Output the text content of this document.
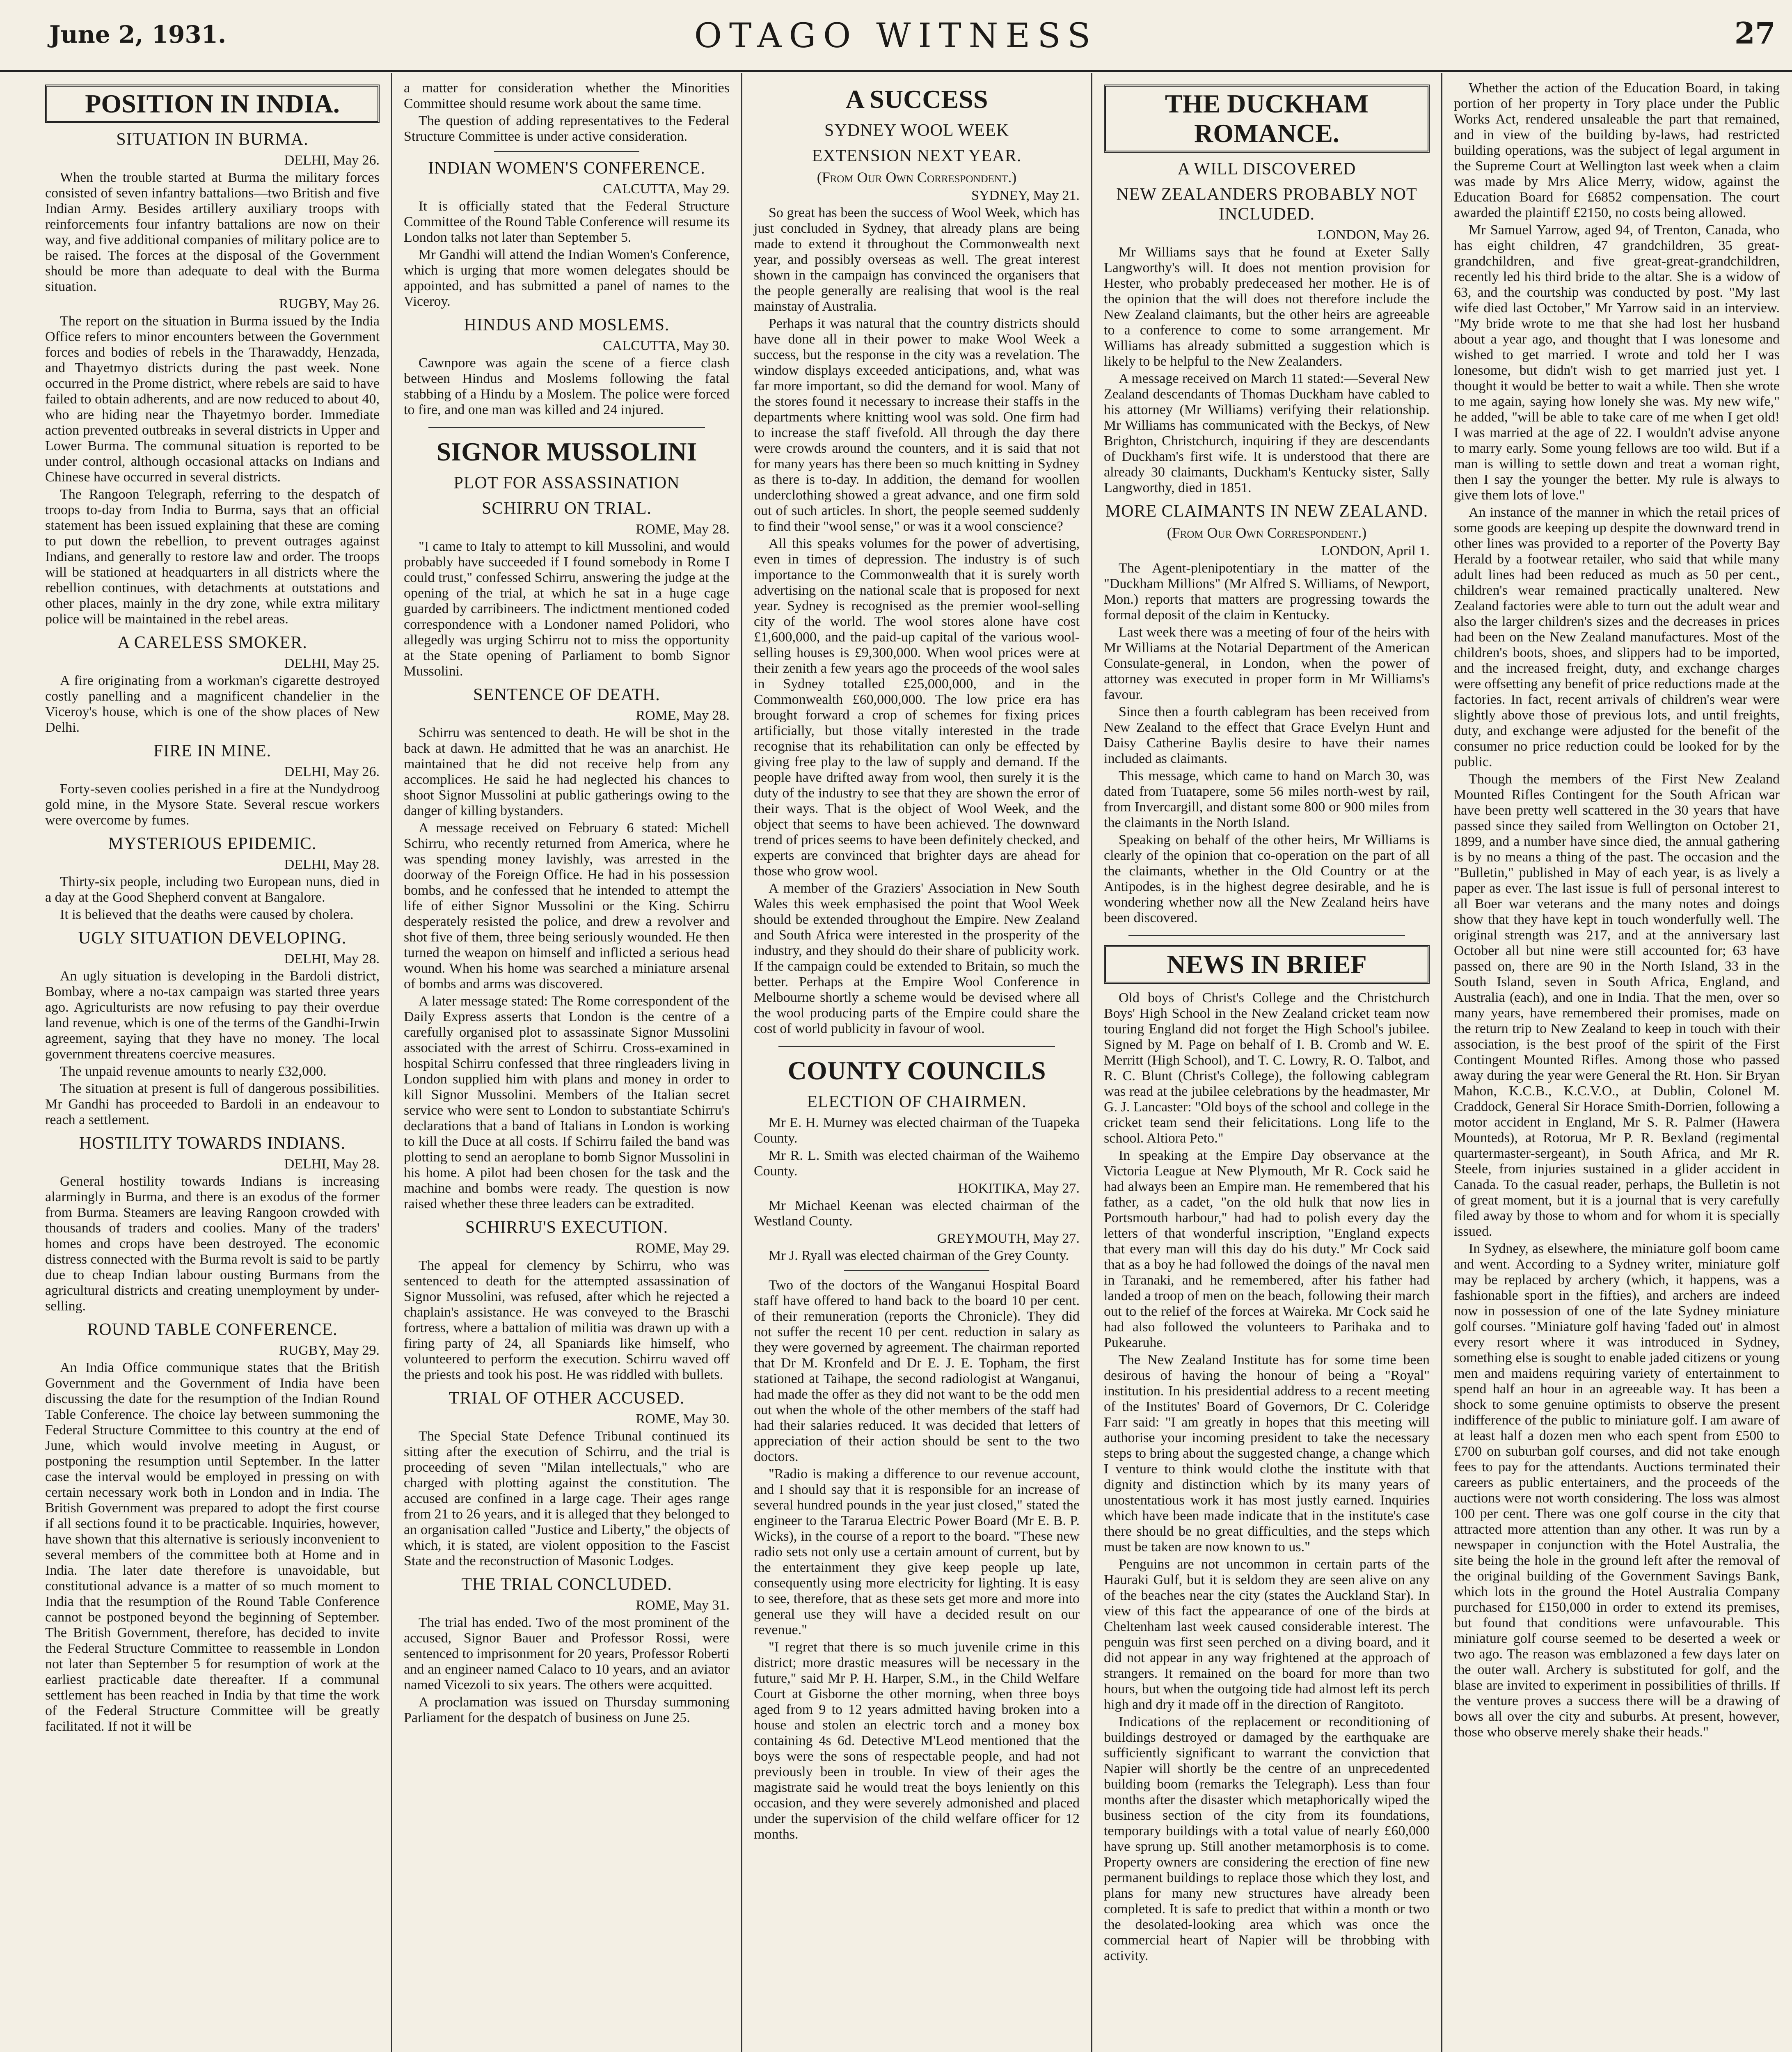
June 2, 1931.	OTAGO WITNESS	27
POSITION IN INDIA.
SITUATION IN BURMA.

DELHI, May 26.

When the trouble started at Burma the military forces consisted of seven infantry battalions—two British and five Indian Army. Besides artillery auxiliary troops with reinforcements four infantry battalions are now on their way, and five additional companies of military police are to be raised. The forces at the disposal of the Government should be more than adequate to deal with the Burma situation.

RUGBY, May 26.

The report on the situation in Burma issued by the India Office refers to minor encounters between the Government forces and bodies of rebels in the Tharawaddy, Henzada, and Thayetmyo districts during the past week. None occurred in the Prome district, where rebels are said to have failed to obtain adherents, and are now reduced to about 40, who are hiding near the Thayetmyo border. Immediate action prevented outbreaks in several districts in Upper and Lower Burma. The communal situation is reported to be under control, although occasional attacks on Indians and Chinese have occurred in several districts.

The Rangoon Telegraph, referring to the despatch of troops to-day from India to Burma, says that an official statement has been issued explaining that these are coming to put down the rebellion, to prevent outrages against Indians, and generally to restore law and order. The troops will be stationed at headquarters in all districts where the rebellion continues, with detachments at outstations and other places, mainly in the dry zone, while extra military police will be maintained in the rebel areas.

A CARELESS SMOKER.

DELHI, May 25.

A fire originating from a workman's cigarette destroyed costly panelling and a magnificent chandelier in the Viceroy's house, which is one of the show places of New Delhi.

FIRE IN MINE.

DELHI, May 26.

Forty-seven coolies perished in a fire at the Nundydroog gold mine, in the Mysore State. Several rescue workers were overcome by fumes.

MYSTERIOUS EPIDEMIC.

DELHI, May 28.

Thirty-six people, including two European nuns, died in a day at the Good Shepherd convent at Bangalore.

It is believed that the deaths were caused by cholera.

UGLY SITUATION DEVELOPING.

DELHI, May 28.

An ugly situation is developing in the Bardoli district, Bombay, where a no-tax campaign was started three years ago. Agriculturists are now refusing to pay their overdue land revenue, which is one of the terms of the Gandhi-Irwin agreement, saying that they have no money. The local government threatens coercive measures.

The unpaid revenue amounts to nearly £32,000.

The situation at present is full of dangerous possibilities. Mr Gandhi has proceeded to Bardoli in an endeavour to reach a settlement.

HOSTILITY TOWARDS INDIANS.

DELHI, May 28.

General hostility towards Indians is increasing alarmingly in Burma, and there is an exodus of the former from Burma. Steamers are leaving Rangoon crowded with thousands of traders and coolies. Many of the traders' homes and crops have been destroyed. The economic distress connected with the Burma revolt is said to be partly due to cheap Indian labour ousting Burmans from the agricultural districts and creating unemployment by under-selling.

ROUND TABLE CONFERENCE.

RUGBY, May 29.

An India Office communique states that the British Government and the Government of India have been discussing the date for the resumption of the Indian Round Table Conference. The choice lay between summoning the Federal Structure Committee to this country at the end of June, which would involve meeting in August, or postponing the resumption until September. In the latter case the interval would be employed in pressing on with certain necessary work both in London and in India. The British Government was prepared to adopt the first course if all sections found it to be practicable. Inquiries, however, have shown that this alternative is seriously inconvenient to several members of the committee both at Home and in India. The later date therefore is unavoidable, but constitutional advance is a matter of so much moment to India that the resumption of the Round Table Conference cannot be postponed beyond the beginning of September. The British Government, therefore, has decided to invite the Federal Structure Committee to reassemble in London not later than September 5 for resumption of work at the earliest practicable date thereafter. If a communal settlement has been reached in India by that time the work of the Federal Structure Committee will be greatly facilitated. If not it will be

a matter for consideration whether the Minorities Committee should resume work about the same time.

The question of adding representatives to the Federal Structure Committee is under active consideration.

INDIAN WOMEN'S CONFERENCE.

CALCUTTA, May 29.

It is officially stated that the Federal Structure Committee of the Round Table Conference will resume its London talks not later than September 5.

Mr Gandhi will attend the Indian Women's Conference, which is urging that more women delegates should be appointed, and has submitted a panel of names to the Viceroy.

HINDUS AND MOSLEMS.

CALCUTTA, May 30.

Cawnpore was again the scene of a fierce clash between Hindus and Moslems following the fatal stabbing of a Hindu by a Moslem. The police were forced to fire, and one man was killed and 24 injured.

SIGNOR MUSSOLINI
PLOT FOR ASSASSINATION
SCHIRRU ON TRIAL.

ROME, May 28.

"I came to Italy to attempt to kill Mussolini, and would probably have succeeded if I found somebody in Rome I could trust," confessed Schirru, answering the judge at the opening of the trial, at which he sat in a huge cage guarded by carribineers. The indictment mentioned coded correspondence with a Londoner named Polidori, who allegedly was urging Schirru not to miss the opportunity at the State opening of Parliament to bomb Signor Mussolini.

SENTENCE OF DEATH.

ROME, May 28.

Schirru was sentenced to death. He will be shot in the back at dawn. He admitted that he was an anarchist. He maintained that he did not receive help from any accomplices. He said he had neglected his chances to shoot Signor Mussolini at public gatherings owing to the danger of killing bystanders.

A message received on February 6 stated: Michell Schirru, who recently returned from America, where he was spending money lavishly, was arrested in the doorway of the Foreign Office. He had in his possession bombs, and he confessed that he intended to attempt the life of either Signor Mussolini or the King. Schirru desperately resisted the police, and drew a revolver and shot five of them, three being seriously wounded. He then turned the weapon on himself and inflicted a serious head wound. When his home was searched a miniature arsenal of bombs and arms was discovered.

A later message stated: The Rome correspondent of the Daily Express asserts that London is the centre of a carefully organised plot to assassinate Signor Mussolini associated with the arrest of Schirru. Cross-examined in hospital Schirru confessed that three ringleaders living in London supplied him with plans and money in order to kill Signor Mussolini. Members of the Italian secret service who were sent to London to substantiate Schirru's declarations that a band of Italians in London is working to kill the Duce at all costs. If Schirru failed the band was plotting to send an aeroplane to bomb Signor Mussolini in his home. A pilot had been chosen for the task and the machine and bombs were ready. The question is now raised whether these three leaders can be extradited.

SCHIRRU'S EXECUTION.

ROME, May 29.

The appeal for clemency by Schirru, who was sentenced to death for the attempted assassination of Signor Mussolini, was refused, after which he rejected a chaplain's assistance. He was conveyed to the Braschi fortress, where a battalion of militia was drawn up with a firing party of 24, all Spaniards like himself, who volunteered to perform the execution. Schirru waved off the priests and took his post. He was riddled with bullets.

TRIAL OF OTHER ACCUSED.

ROME, May 30.

The Special State Defence Tribunal continued its sitting after the execution of Schirru, and the trial is proceeding of seven "Milan intellectuals," who are charged with plotting against the constitution. The accused are confined in a large cage. Their ages range from 21 to 26 years, and it is alleged that they belonged to an organisation called "Justice and Liberty," the objects of which, it is stated, are violent opposition to the Fascist State and the reconstruction of Masonic Lodges.

THE TRIAL CONCLUDED.

ROME, May 31.

The trial has ended. Two of the most prominent of the accused, Signor Bauer and Professor Rossi, were sentenced to imprisonment for 20 years, Professor Roberti and an engineer named Calaco to 10 years, and an aviator named Vicezoli to six years. The others were acquitted.

A proclamation was issued on Thursday summoning Parliament for the despatch of business on June 25.

A SUCCESS
SYDNEY WOOL WEEK
EXTENSION NEXT YEAR.
(From Our Own Correspondent.)

SYDNEY, May 21.

So great has been the success of Wool Week, which has just concluded in Sydney, that already plans are being made to extend it throughout the Commonwealth next year, and possibly overseas as well. The great interest shown in the campaign has convinced the organisers that the people generally are realising that wool is the real mainstay of Australia.

Perhaps it was natural that the country districts should have done all in their power to make Wool Week a success, but the response in the city was a revelation. The window displays exceeded anticipations, and, what was far more important, so did the demand for wool. Many of the stores found it necessary to increase their staffs in the departments where knitting wool was sold. One firm had to increase the staff fivefold. All through the day there were crowds around the counters, and it is said that not for many years has there been so much knitting in Sydney as there is to-day. In addition, the demand for woollen underclothing showed a great advance, and one firm sold out of such articles. In short, the people seemed suddenly to find their "wool sense," or was it a wool conscience?

All this speaks volumes for the power of advertising, even in times of depression. The industry is of such importance to the Commonwealth that it is surely worth advertising on the national scale that is proposed for next year. Sydney is recognised as the premier wool-selling city of the world. The wool stores alone have cost £1,600,000, and the paid-up capital of the various wool-selling houses is £9,300,000. When wool prices were at their zenith a few years ago the proceeds of the wool sales in Sydney totalled £25,000,000, and in the Commonwealth £60,000,000. The low price era has brought forward a crop of schemes for fixing prices artificially, but those vitally interested in the trade recognise that its rehabilitation can only be effected by giving free play to the law of supply and demand. If the people have drifted away from wool, then surely it is the duty of the industry to see that they are shown the error of their ways. That is the object of Wool Week, and the object that seems to have been achieved. The downward trend of prices seems to have been definitely checked, and experts are convinced that brighter days are ahead for those who grow wool.

A member of the Graziers' Association in New South Wales this week emphasised the point that Wool Week should be extended throughout the Empire. New Zealand and South Africa were interested in the prosperity of the industry, and they should do their share of publicity work. If the campaign could be extended to Britain, so much the better. Perhaps at the Empire Wool Conference in Melbourne shortly a scheme would be devised where all the wool producing parts of the Empire could share the cost of world publicity in favour of wool.

COUNTY COUNCILS
ELECTION OF CHAIRMEN.

Mr E. H. Murney was elected chairman of the Tuapeka County.

Mr R. L. Smith was elected chairman of the Waihemo County.

HOKITIKA, May 27.

Mr Michael Keenan was elected chairman of the Westland County.

GREYMOUTH, May 27.

Mr J. Ryall was elected chairman of the Grey County.

Two of the doctors of the Wanganui Hospital Board staff have offered to hand back to the board 10 per cent. of their remuneration (reports the Chronicle). They did not suffer the recent 10 per cent. reduction in salary as they were governed by agreement. The chairman reported that Dr M. Kronfeld and Dr E. J. E. Topham, the first stationed at Taihape, the second radiologist at Wanganui, had made the offer as they did not want to be the odd men out when the whole of the other members of the staff had had their salaries reduced. It was decided that letters of appreciation of their action should be sent to the two doctors.

"Radio is making a difference to our revenue account, and I should say that it is responsible for an increase of several hundred pounds in the year just closed," stated the engineer to the Tararua Electric Power Board (Mr E. B. P. Wicks), in the course of a report to the board. "These new radio sets not only use a certain amount of current, but by the entertainment they give keep people up late, consequently using more electricity for lighting. It is easy to see, therefore, that as these sets get more and more into general use they will have a decided result on our revenue."

"I regret that there is so much juvenile crime in this district; more drastic measures will be necessary in the future," said Mr P. H. Harper, S.M., in the Child Welfare Court at Gisborne the other morning, when three boys aged from 9 to 12 years admitted having broken into a house and stolen an electric torch and a money box containing 4s 6d. Detective M'Leod mentioned that the boys were the sons of respectable people, and had not previously been in trouble. In view of their ages the magistrate said he would treat the boys leniently on this occasion, and they were severely admonished and placed under the supervision of the child welfare officer for 12 months.

THE DUCKHAM ROMANCE.
A WILL DISCOVERED
NEW ZEALANDERS PROBABLY NOT INCLUDED.

LONDON, May 26.

Mr Williams says that he found at Exeter Sally Langworthy's will. It does not mention provision for Hester, who probably predeceased her mother. He is of the opinion that the will does not therefore include the New Zealand claimants, but the other heirs are agreeable to a conference to come to some arrangement. Mr Williams has already submitted a suggestion which is likely to be helpful to the New Zealanders.

A message received on March 11 stated:—Several New Zealand descendants of Thomas Duckham have cabled to his attorney (Mr Williams) verifying their relationship. Mr Williams has communicated with the Beckys, of New Brighton, Christchurch, inquiring if they are descendants of Duckham's first wife. It is understood that there are already 30 claimants, Duckham's Kentucky sister, Sally Langworthy, died in 1851.

MORE CLAIMANTS IN NEW ZEALAND.
(From Our Own Correspondent.)

LONDON, April 1.

The Agent-plenipotentiary in the matter of the "Duckham Millions" (Mr Alfred S. Williams, of Newport, Mon.) reports that matters are progressing towards the formal deposit of the claim in Kentucky.

Last week there was a meeting of four of the heirs with Mr Williams at the Notarial Department of the American Consulate-general, in London, when the power of attorney was executed in proper form in Mr Williams's favour.

Since then a fourth cablegram has been received from New Zealand to the effect that Grace Evelyn Hunt and Daisy Catherine Baylis desire to have their names included as claimants.

This message, which came to hand on March 30, was dated from Tuatapere, some 56 miles north-west by rail, from Invercargill, and distant some 800 or 900 miles from the claimants in the North Island.

Speaking on behalf of the other heirs, Mr Williams is clearly of the opinion that co-operation on the part of all the claimants, whether in the Old Country or at the Antipodes, is in the highest degree desirable, and he is wondering whether now all the New Zealand heirs have been discovered.

NEWS IN BRIEF

Old boys of Christ's College and the Christchurch Boys' High School in the New Zealand cricket team now touring England did not forget the High School's jubilee. Signed by M. Page on behalf of I. B. Cromb and W. E. Merritt (High School), and T. C. Lowry, R. O. Talbot, and R. C. Blunt (Christ's College), the following cablegram was read at the jubilee celebrations by the headmaster, Mr G. J. Lancaster: "Old boys of the school and college in the cricket team send their felicitations. Long life to the school. Altiora Peto."

In speaking at the Empire Day observance at the Victoria League at New Plymouth, Mr R. Cock said he had always been an Empire man. He remembered that his father, as a cadet, "on the old hulk that now lies in Portsmouth harbour," had had to polish every day the letters of that wonderful inscription, "England expects that every man will this day do his duty." Mr Cock said that as a boy he had followed the doings of the naval men in Taranaki, and he remembered, after his father had landed a troop of men on the beach, following their march out to the relief of the forces at Waireka. Mr Cock said he had also followed the volunteers to Parihaka and to Pukearuhe.

The New Zealand Institute has for some time been desirous of having the honour of being a "Royal" institution. In his presidential address to a recent meeting of the Institutes' Board of Governors, Dr C. Coleridge Farr said: "I am greatly in hopes that this meeting will authorise your incoming president to take the necessary steps to bring about the suggested change, a change which I venture to think would clothe the institute with that dignity and distinction which by its many years of unostentatious work it has most justly earned. Inquiries which have been made indicate that in the institute's case there should be no great difficulties, and the steps which must be taken are now known to us."

Penguins are not uncommon in certain parts of the Hauraki Gulf, but it is seldom they are seen alive on any of the beaches near the city (states the Auckland Star). In view of this fact the appearance of one of the birds at Cheltenham last week caused considerable interest. The penguin was first seen perched on a diving board, and it did not appear in any way frightened at the approach of strangers. It remained on the board for more than two hours, but when the outgoing tide had almost left its perch high and dry it made off in the direction of Rangitoto.

Indications of the replacement or reconditioning of buildings destroyed or damaged by the earthquake are sufficiently significant to warrant the conviction that Napier will shortly be the centre of an unprecedented building boom (remarks the Telegraph). Less than four months after the disaster which metaphorically wiped the business section of the city from its foundations, temporary buildings with a total value of nearly £60,000 have sprung up. Still another metamorphosis is to come. Property owners are considering the erection of fine new permanent buildings to replace those which they lost, and plans for many new structures have already been completed. It is safe to predict that within a month or two the desolated-looking area which was once the commercial heart of Napier will be throbbing with activity.

Whether the action of the Education Board, in taking portion of her property in Tory place under the Public Works Act, rendered unsaleable the part that remained, and in view of the building by-laws, had restricted building operations, was the subject of legal argument in the Supreme Court at Wellington last week when a claim was made by Mrs Alice Merry, widow, against the Education Board for £6852 compensation. The court awarded the plaintiff £2150, no costs being allowed.

Mr Samuel Yarrow, aged 94, of Trenton, Canada, who has eight children, 47 grandchildren, 35 great-grandchildren, and five great-great-grandchildren, recently led his third bride to the altar. She is a widow of 63, and the courtship was conducted by post. "My last wife died last October," Mr Yarrow said in an interview. "My bride wrote to me that she had lost her husband about a year ago, and thought that I was lonesome and wished to get married. I wrote and told her I was lonesome, but didn't wish to get married just yet. I thought it would be better to wait a while. Then she wrote to me again, saying how lonely she was. My new wife," he added, "will be able to take care of me when I get old! I was married at the age of 22. I wouldn't advise anyone to marry early. Some young fellows are too wild. But if a man is willing to settle down and treat a woman right, then I say the younger the better. My rule is always to give them lots of love."

An instance of the manner in which the retail prices of some goods are keeping up despite the downward trend in other lines was provided to a reporter of the Poverty Bay Herald by a footwear retailer, who said that while many adult lines had been reduced as much as 50 per cent., children's wear remained practically unaltered. New Zealand factories were able to turn out the adult wear and also the larger children's sizes and the decreases in prices had been on the New Zealand manufactures. Most of the children's boots, shoes, and slippers had to be imported, and the increased freight, duty, and exchange charges were offsetting any benefit of price reductions made at the factories. In fact, recent arrivals of children's wear were slightly above those of previous lots, and until freights, duty, and exchange were adjusted for the benefit of the consumer no price reduction could be looked for by the public.

Though the members of the First New Zealand Mounted Rifles Contingent for the South African war have been pretty well scattered in the 30 years that have passed since they sailed from Wellington on October 21, 1899, and a number have since died, the annual gathering is by no means a thing of the past. The occasion and the "Bulletin," published in May of each year, is as lively a paper as ever. The last issue is full of personal interest to all Boer war veterans and the many notes and doings show that they have kept in touch wonderfully well. The original strength was 217, and at the anniversary last October all but nine were still accounted for; 63 have passed on, there are 90 in the North Island, 33 in the South Island, seven in South Africa, England, and Australia (each), and one in India. That the men, over so many years, have remembered their promises, made on the return trip to New Zealand to keep in touch with their association, is the best proof of the spirit of the First Contingent Mounted Rifles. Among those who passed away during the year were General the Rt. Hon. Sir Bryan Mahon, K.C.B., K.C.V.O., at Dublin, Colonel M. Craddock, General Sir Horace Smith-Dorrien, following a motor accident in England, Mr S. R. Palmer (Hawera Mounteds), at Rotorua, Mr P. R. Bexland (regimental quartermaster-sergeant), in South Africa, and Mr R. Steele, from injuries sustained in a glider accident in Canada. To the casual reader, perhaps, the Bulletin is not of great moment, but it is a journal that is very carefully filed away by those to whom and for whom it is specially issued.

In Sydney, as elsewhere, the miniature golf boom came and went. According to a Sydney writer, miniature golf may be replaced by archery (which, it happens, was a fashionable sport in the fifties), and archers are indeed now in possession of one of the late Sydney miniature golf courses. "Miniature golf having 'faded out' in almost every resort where it was introduced in Sydney, something else is sought to enable jaded citizens or young men and maidens requiring variety of entertainment to spend half an hour in an agreeable way. It has been a shock to some genuine optimists to observe the present indifference of the public to miniature golf. I am aware of at least half a dozen men who each spent from £500 to £700 on suburban golf courses, and did not take enough fees to pay for the attendants. Auctions terminated their careers as public entertainers, and the proceeds of the auctions were not worth considering. The loss was almost 100 per cent. There was one golf course in the city that attracted more attention than any other. It was run by a newspaper in conjunction with the Hotel Australia, the site being the hole in the ground left after the removal of the original building of the Government Savings Bank, which lots in the ground the Hotel Australia Company purchased for £150,000 in order to extend its premises, but found that conditions were unfavourable. This miniature golf course seemed to be deserted a week or two ago. The reason was emblazoned a few days later on the outer wall. Archery is substituted for golf, and the blase are invited to experiment in possibilities of thrills. If the venture proves a success there will be a drawing of bows all over the city and suburbs. At present, however, those who observe merely shake their heads."
